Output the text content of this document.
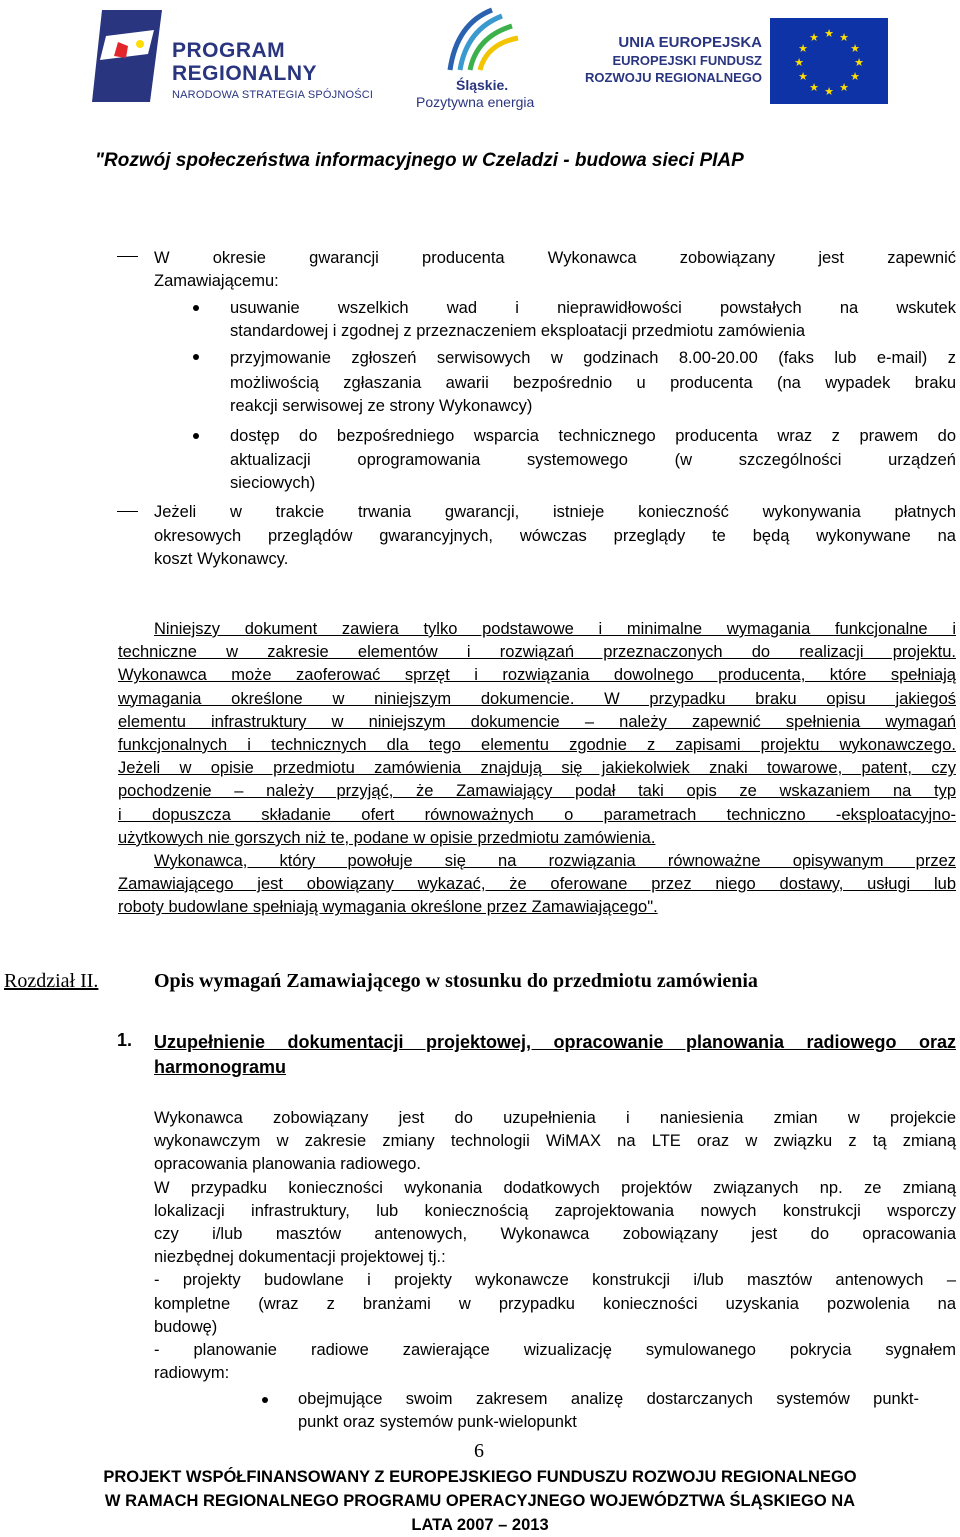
PROGRAM
REGIONALNY
NARODOWA STRATEGIA SPÓJNOŚCI
Śląskie.
Pozytywna energia
UNIA EUROPEJSKA
EUROPEJSKI FUNDUSZ
ROZWOJU REGIONALNEGO
★ ★
★
★
★
★
★
★
★
★
★
★
"Rozwój społeczeństwa informacyjnego w Czeladzi - budowa sieci PIAP
W okresie gwarancji producenta Wykonawca zobowiązany jest zapewnić
Zamawiającemu:
usuwanie wszelkich wad i nieprawidłowości powstałych na wskutek
standardowej i zgodnej z przeznaczeniem eksploatacji przedmiotu zamówienia
przyjmowanie zgłoszeń serwisowych w godzinach 8.00-20.00 (faks lub e-mail) z
możliwością zgłaszania awarii bezpośrednio u producenta (na wypadek braku
reakcji serwisowej ze strony Wykonawcy)
dostęp do bezpośredniego wsparcia technicznego producenta wraz z prawem do
aktualizacji oprogramowania systemowego (w szczególności urządzeń
sieciowych)
Jeżeli w trakcie trwania gwarancji, istnieje konieczność wykonywania płatnych
okresowych przeglądów gwarancyjnych, wówczas przeglądy te będą wykonywane na
koszt Wykonawcy.
Niniejszy dokument zawiera tylko podstawowe i minimalne wymagania funkcjonalne i
techniczne w zakresie elementów i rozwiązań przeznaczonych do realizacji projektu.
Wykonawca może zaoferować sprzęt i rozwiązania dowolnego producenta, które spełniają
wymagania określone w niniejszym dokumencie. W przypadku braku opisu jakiegoś
elementu infrastruktury w niniejszym dokumencie – należy zapewnić spełnienia wymagań
funkcjonalnych i technicznych dla tego elementu zgodnie z zapisami projektu wykonawczego.
Jeżeli w opisie przedmiotu zamówienia znajdują się jakiekolwiek znaki towarowe, patent, czy
pochodzenie – należy przyjąć, że Zamawiający podał taki opis ze wskazaniem na typ
i dopuszcza składanie ofert równoważnych o parametrach techniczno -eksploatacyjno-
użytkowych nie gorszych niż te, podane w opisie przedmiotu zamówienia.
Wykonawca, który powołuje się na rozwiązania równoważne opisywanym przez
Zamawiającego jest obowiązany wykazać, że oferowane przez niego dostawy, usługi lub
roboty budowlane spełniają wymagania określone przez Zamawiającego".
Rozdział II.	Opis wymagań Zamawiającego w stosunku do przedmiotu zamówienia
1. Uzupełnienie dokumentacji projektowej, opracowanie planowania radiowego oraz harmonogramu
Wykonawca zobowiązany jest do uzupełnienia i naniesienia zmian w projekcie
wykonawczym w zakresie zmiany technologii WiMAX na LTE oraz w związku z tą zmianą
opracowania planowania radiowego.
W przypadku konieczności wykonania dodatkowych projektów związanych np. ze zmianą
lokalizacji infrastruktury, lub koniecznością zaprojektowania nowych konstrukcji wsporczy
czy i/lub masztów antenowych, Wykonawca zobowiązany jest do opracowania
niezbędnej dokumentacji projektowej tj.:
- projekty budowlane i projekty wykonawcze konstrukcji i/lub masztów antenowych –
kompletne (wraz z branżami w przypadku konieczności uzyskania pozwolenia na
budowę)
- planowanie radiowe zawierające wizualizację symulowanego pokrycia sygnałem
radiowym:
obejmujące swoim zakresem analizę dostarczanych systemów punkt-
punkt oraz systemów punk-wielopunkt
6
PROJEKT WSPÓŁFINANSOWANY Z EUROPEJSKIEGO FUNDUSZU ROZWOJU REGIONALNEGO
W RAMACH REGIONALNEGO PROGRAMU OPERACYJNEGO WOJEWÓDZTWA ŚLĄSKIEGO NA
LATA 2007 – 2013
